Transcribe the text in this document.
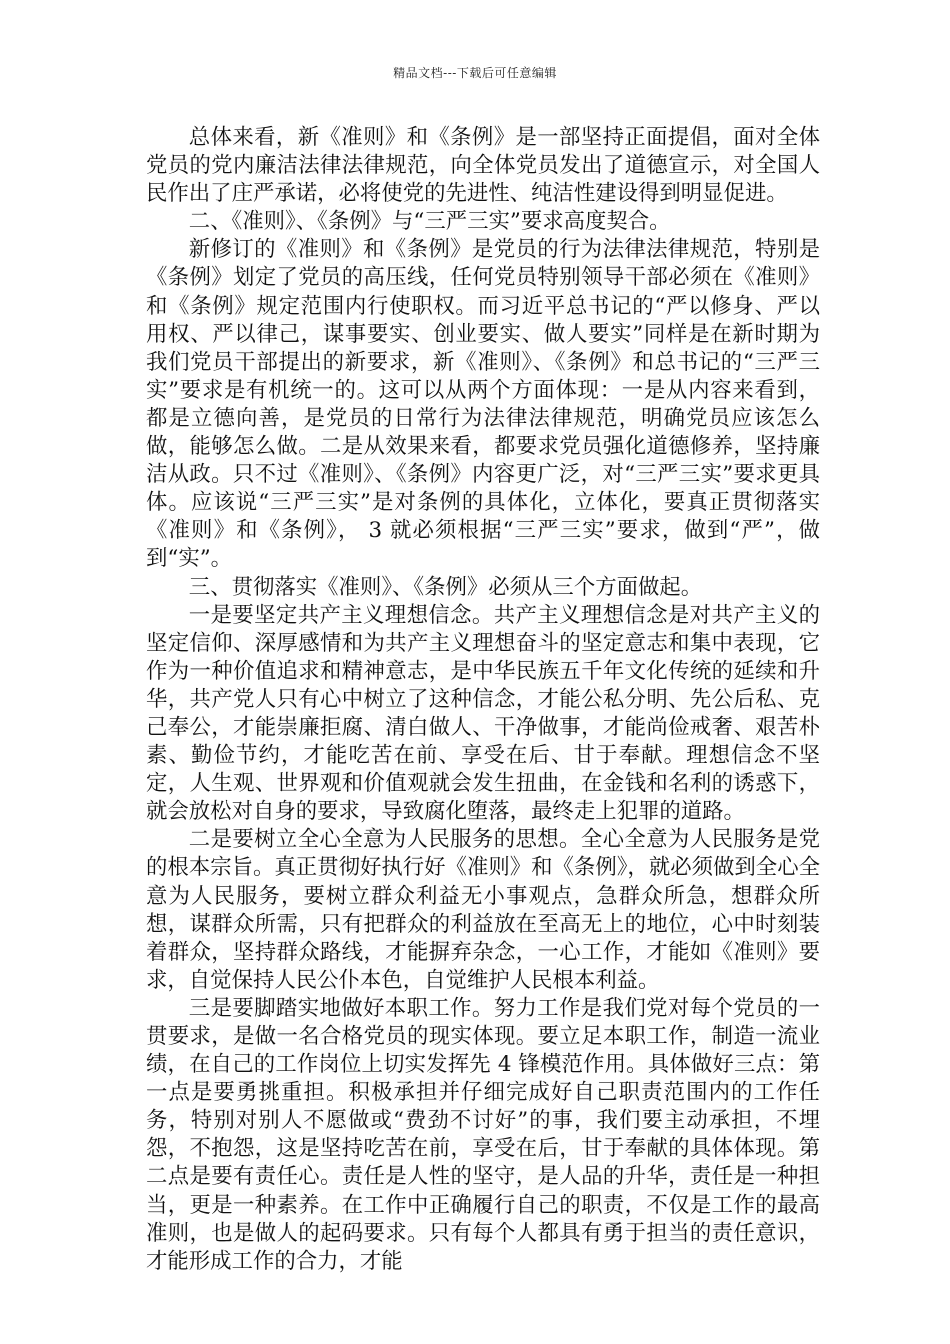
精品文档---下载后可任意编辑

总体来看，新《准则》和《条例》是一部坚持正面提倡，面对全体党员的党内廉洁法律法律规范，向全体党员发出了道德宣示，对全国人民作出了庄严承诺，必将使党的先进性、纯洁性建设得到明显促进。

二、《准则》、《条例》与“三严三实”要求高度契合。

新修订的《准则》和《条例》是党员的行为法律法律规范，特别是《条例》划定了党员的高压线，任何党员特别领导干部必须在《准则》和《条例》规定范围内行使职权。而习近平总书记的“严以修身、严以用权、严以律己，谋事要实、创业要实、做人要实”同样是在新时期为我们党员干部提出的新要求，新《准则》、《条例》和总书记的“三严三实”要求是有机统一的。这可以从两个方面体现：一是从内容来看到，都是立德向善，是党员的日常行为法律法律规范，明确党员应该怎么做，能够怎么做。二是从效果来看，都要求党员强化道德修养，坚持廉洁从政。只不过《准则》、《条例》内容更广泛，对“三严三实”要求更具体。应该说“三严三实”是对条例的具体化，立体化，要真正贯彻落实《准则》和《条例》， 3 就必须根据“三严三实”要求，做到“严”，做到“实”。

三、贯彻落实《准则》、《条例》必须从三个方面做起。

一是要坚定共产主义理想信念。共产主义理想信念是对共产主义的坚定信仰、深厚感情和为共产主义理想奋斗的坚定意志和集中表现，它作为一种价值追求和精神意志，是中华民族五千年文化传统的延续和升华，共产党人只有心中树立了这种信念，才能公私分明、先公后私、克己奉公，才能崇廉拒腐、清白做人、干净做事，才能尚俭戒奢、艰苦朴素、勤俭节约，才能吃苦在前、享受在后、甘于奉献。理想信念不坚定，人生观、世界观和价值观就会发生扭曲，在金钱和名利的诱惑下，就会放松对自身的要求，导致腐化堕落，最终走上犯罪的道路。

二是要树立全心全意为人民服务的思想。全心全意为人民服务是党的根本宗旨。真正贯彻好执行好《准则》和《条例》，就必须做到全心全意为人民服务，要树立群众利益无小事观点，急群众所急，想群众所想，谋群众所需，只有把群众的利益放在至高无上的地位，心中时刻装着群众，坚持群众路线，才能摒弃杂念，一心工作，才能如《准则》要求，自觉保持人民公仆本色，自觉维护人民根本利益。

三是要脚踏实地做好本职工作。努力工作是我们党对每个党员的一贯要求，是做一名合格党员的现实体现。要立足本职工作，制造一流业绩，在自己的工作岗位上切实发挥先 4 锋模范作用。具体做好三点：第一点是要勇挑重担。积极承担并仔细完成好自己职责范围内的工作任务，特别对别人不愿做或“费劲不讨好”的事，我们要主动承担，不埋怨，不抱怨，这是坚持吃苦在前，享受在后，甘于奉献的具体体现。第二点是要有责任心。责任是人性的坚守，是人品的升华，责任是一种担当，更是一种素养。在工作中正确履行自己的职责，不仅是工作的最高准则，也是做人的起码要求。只有每个人都具有勇于担当的责任意识，才能形成工作的合力，才能
